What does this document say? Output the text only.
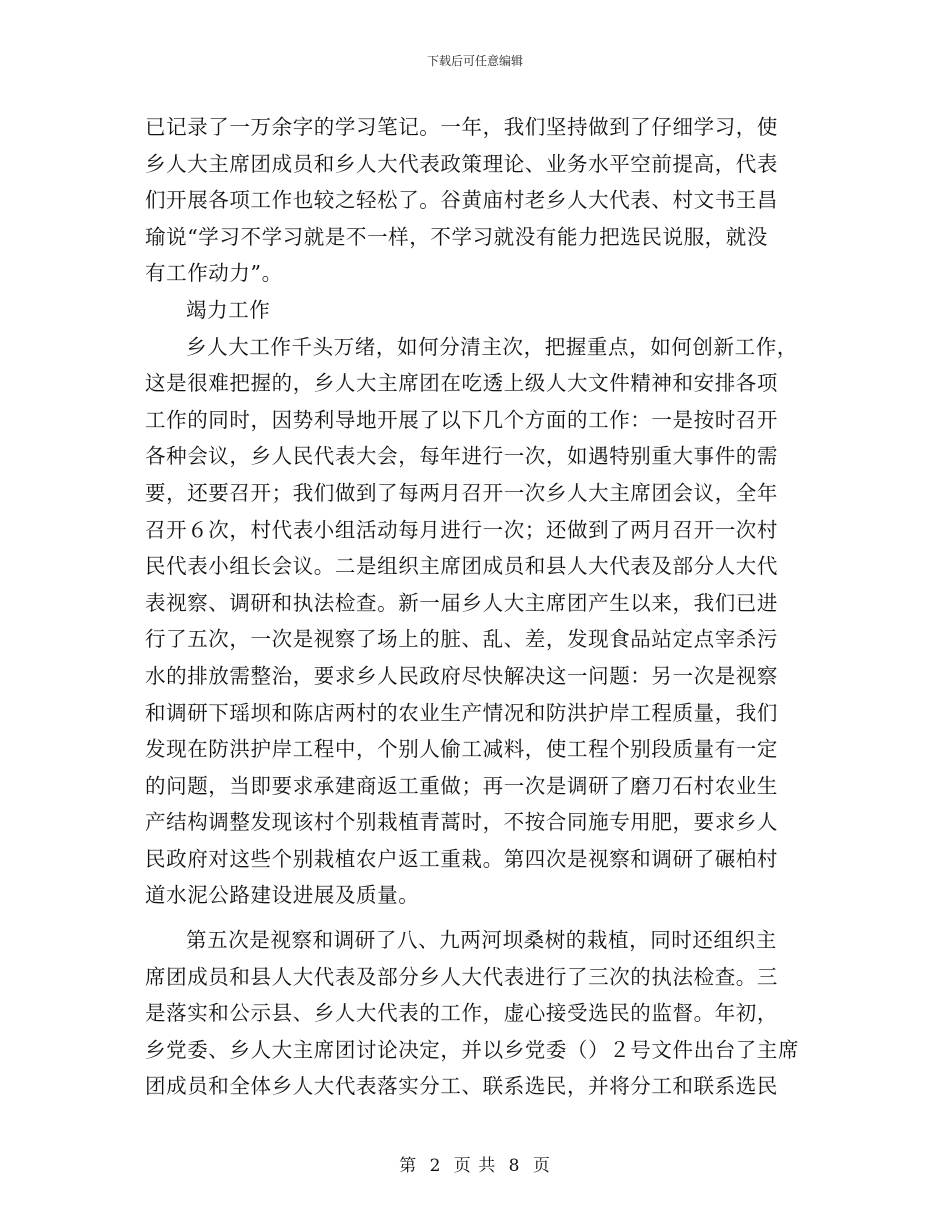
下载后可任意编辑
已记录了一万余字的学习笔记。一年，我们坚持做到了仔细学习，使
乡人大主席团成员和乡人大代表政策理论、业务水平空前提高，代表
们开展各项工作也较之轻松了。谷黄庙村老乡人大代表、村文书王昌
瑜说“学习不学习就是不一样，不学习就没有能力把选民说服，就没
有工作动力”。
竭力工作
乡人大工作千头万绪，如何分清主次，把握重点，如何创新工作，
这是很难把握的，乡人大主席团在吃透上级人大文件精神和安排各项
工作的同时，因势利导地开展了以下几个方面的工作：一是按时召开
各种会议，乡人民代表大会，每年进行一次，如遇特别重大事件的需
要，还要召开；我们做到了每两月召开一次乡人大主席团会议，全年
召开６次，村代表小组活动每月进行一次；还做到了两月召开一次村
民代表小组长会议。二是组织主席团成员和县人大代表及部分人大代
表视察、调研和执法检查。新一届乡人大主席团产生以来，我们已进
行了五次，一次是视察了场上的脏、乱、差，发现食品站定点宰杀污
水的排放需整治，要求乡人民政府尽快解决这一问题：另一次是视察
和调研下瑶坝和陈店两村的农业生产情况和防洪护岸工程质量，我们
发现在防洪护岸工程中，个别人偷工减料，使工程个别段质量有一定
的问题，当即要求承建商返工重做；再一次是调研了磨刀石村农业生
产结构调整发现该村个别栽植青蒿时，不按合同施专用肥，要求乡人
民政府对这些个别栽植农户返工重栽。第四次是视察和调研了碾柏村
道水泥公路建设进展及质量。
第五次是视察和调研了八、九两河坝桑树的栽植，同时还组织主
席团成员和县人大代表及部分乡人大代表进行了三次的执法检查。三
是落实和公示县、乡人大代表的工作，虚心接受选民的监督。年初，
乡党委、乡人大主席团讨论决定，并以乡党委（）２号文件出台了主席
团成员和全体乡人大代表落实分工、联系选民，并将分工和联系选民
第 2 页 共 8 页
